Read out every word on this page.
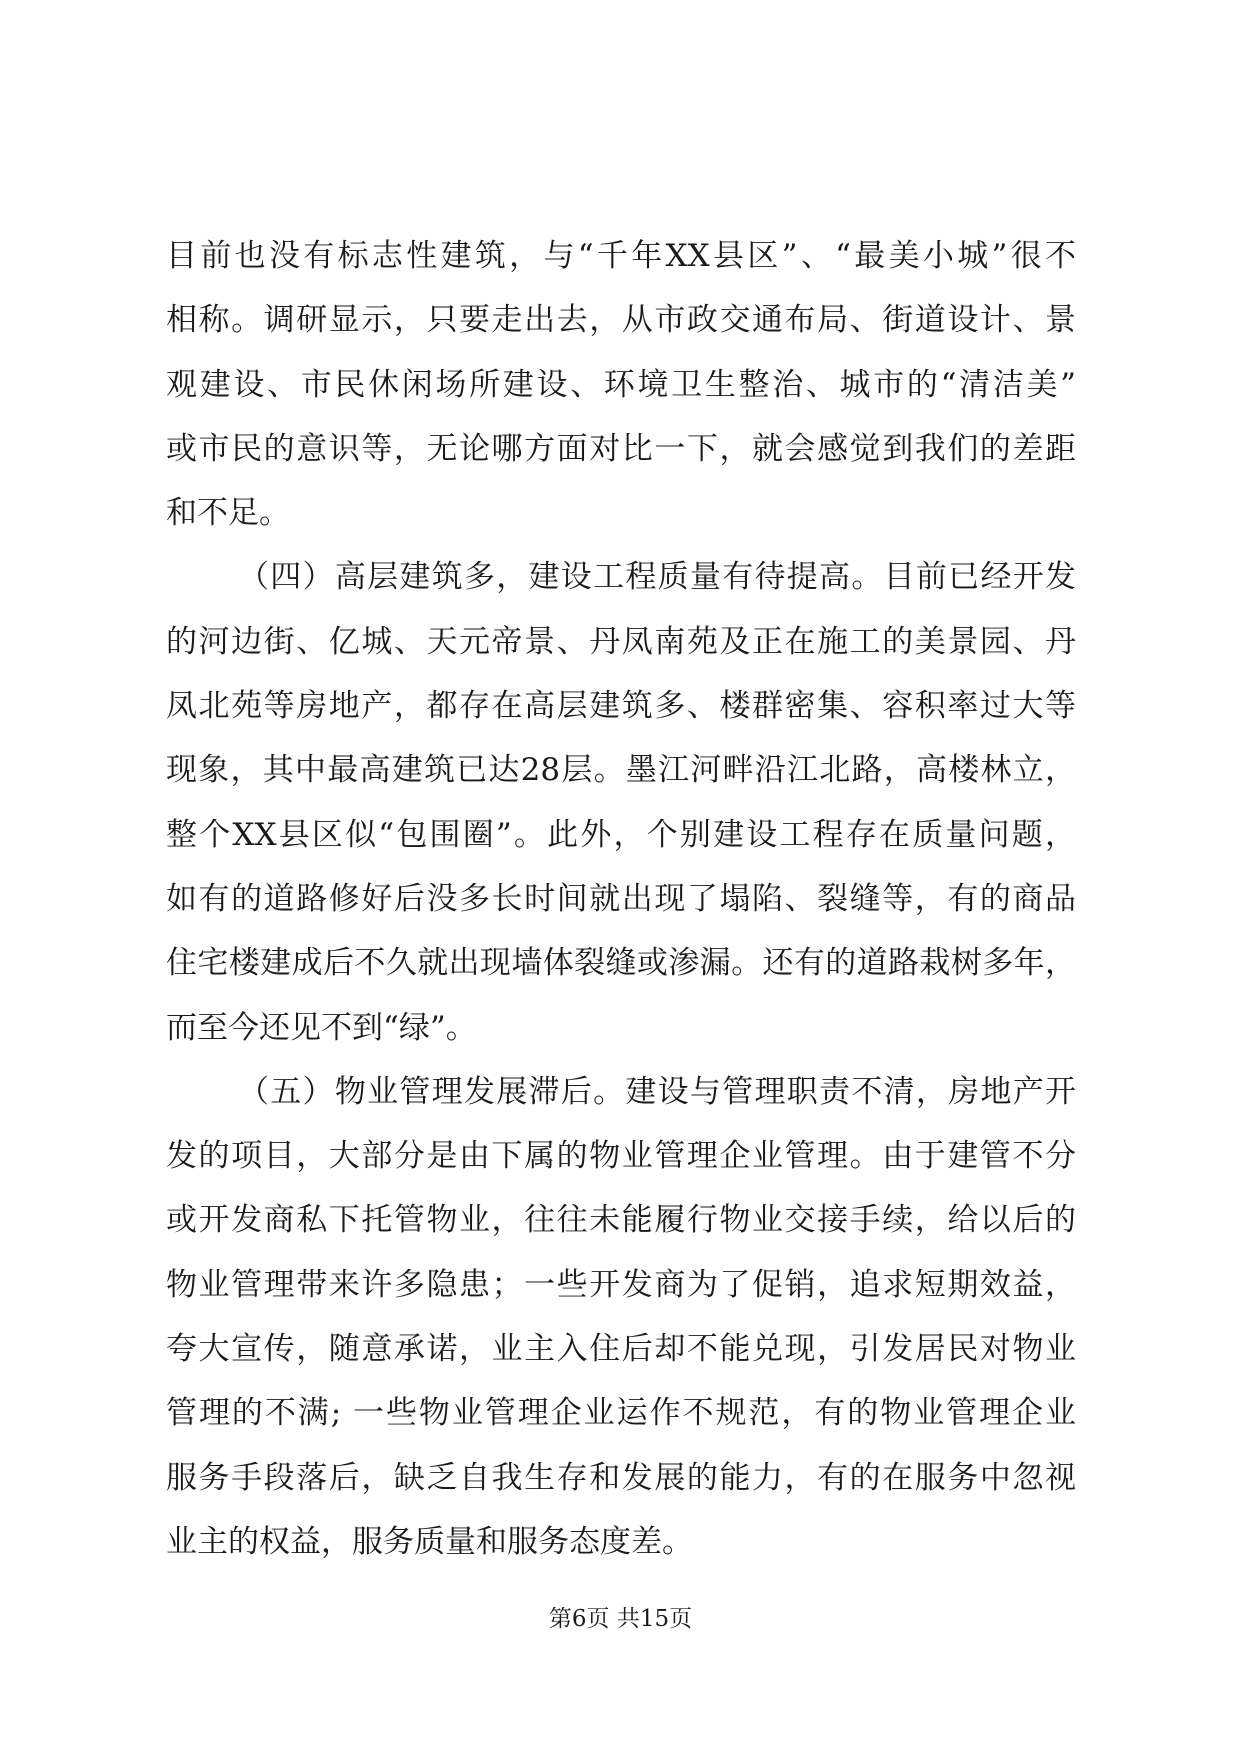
目前也没有标志性建筑，与“千年XX县区”、“最美小城”很不
相称。调研显示，只要走出去，从市政交通布局、街道设计、景
观建设、市民休闲场所建设、环境卫生整治、城市的“清洁美”
或市民的意识等，无论哪方面对比一下，就会感觉到我们的差距
和不足。
（四）高层建筑多，建设工程质量有待提高。目前已经开发
的河边街、亿城、天元帝景、丹凤南苑及正在施工的美景园、丹
凤北苑等房地产，都存在高层建筑多、楼群密集、容积率过大等
现象，其中最高建筑已达28层。墨江河畔沿江北路，高楼林立，
整个XX县区似“包围圈”。此外，个别建设工程存在质量问题，
如有的道路修好后没多长时间就出现了塌陷、裂缝等，有的商品
住宅楼建成后不久就出现墙体裂缝或渗漏。还有的道路栽树多年，
而至今还见不到“绿”。
（五）物业管理发展滞后。建设与管理职责不清，房地产开
发的项目，大部分是由下属的物业管理企业管理。由于建管不分
或开发商私下托管物业，往往未能履行物业交接手续，给以后的
物业管理带来许多隐患；一些开发商为了促销，追求短期效益，
夸大宣传，随意承诺，业主入住后却不能兑现，引发居民对物业
管理的不满; 一些物业管理企业运作不规范，有的物业管理企业
服务手段落后，缺乏自我生存和发展的能力，有的在服务中忽视
业主的权益，服务质量和服务态度差。
第6页 共15页
